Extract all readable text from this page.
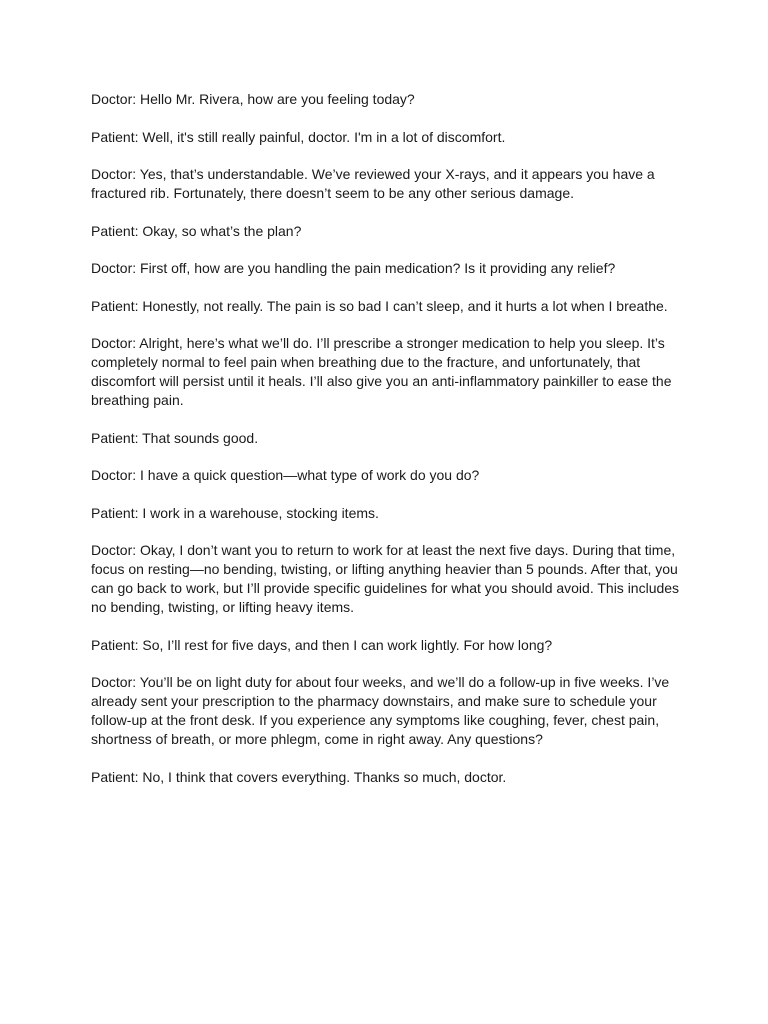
Doctor: Hello Mr. Rivera, how are you feeling today?

Patient: Well, it's still really painful, doctor. I'm in a lot of discomfort.

Doctor: Yes, that’s understandable. We’ve reviewed your X-rays, and it appears you have a fractured rib. Fortunately, there doesn’t seem to be any other serious damage.

Patient: Okay, so what’s the plan?

Doctor: First off, how are you handling the pain medication? Is it providing any relief?

Patient: Honestly, not really. The pain is so bad I can’t sleep, and it hurts a lot when I breathe.

Doctor: Alright, here’s what we’ll do. I’ll prescribe a stronger medication to help you sleep. It’s completely normal to feel pain when breathing due to the fracture, and unfortunately, that discomfort will persist until it heals. I’ll also give you an anti-inflammatory painkiller to ease the breathing pain.

Patient: That sounds good.

Doctor: I have a quick question—what type of work do you do?

Patient: I work in a warehouse, stocking items.

Doctor: Okay, I don’t want you to return to work for at least the next five days. During that time, focus on resting—no bending, twisting, or lifting anything heavier than 5 pounds. After that, you can go back to work, but I’ll provide specific guidelines for what you should avoid. This includes no bending, twisting, or lifting heavy items.

Patient: So, I’ll rest for five days, and then I can work lightly. For how long?

Doctor: You’ll be on light duty for about four weeks, and we’ll do a follow-up in five weeks. I’ve already sent your prescription to the pharmacy downstairs, and make sure to schedule your follow-up at the front desk. If you experience any symptoms like coughing, fever, chest pain, shortness of breath, or more phlegm, come in right away. Any questions?

Patient: No, I think that covers everything. Thanks so much, doctor.
